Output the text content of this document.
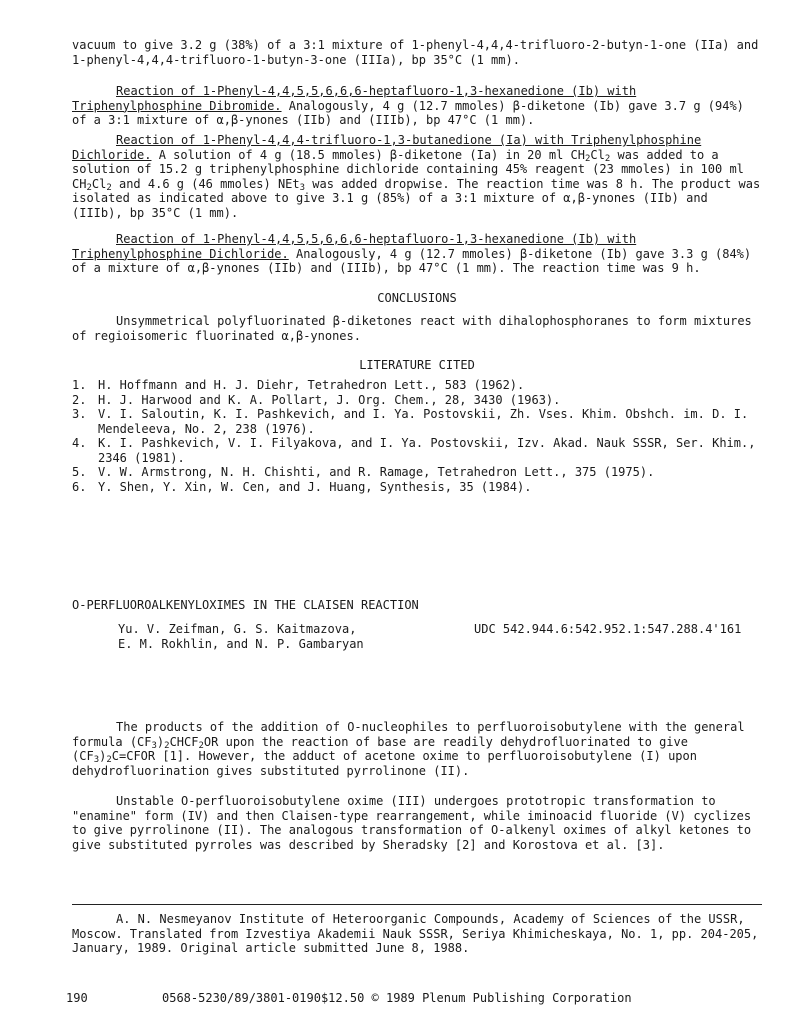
vacuum to give 3.2 g (38%) of a 3:1 mixture of 1-phenyl-4,4,4-trifluoro-2-butyn-1-one (IIa) and 1-phenyl-4,4,4-trifluoro-1-butyn-3-one (IIIa), bp 35°C (1 mm).

Reaction of 1-Phenyl-4,4,5,5,6,6,6-heptafluoro-1,3-hexanedione (Ib) with Triphenylphosphine Dibromide. Analogously, 4 g (12.7 mmoles) β-diketone (Ib) gave 3.7 g (94%) of a 3:1 mixture of α,β-ynones (IIb) and (IIIb), bp 47°C (1 mm).

Reaction of 1-Phenyl-4,4,4-trifluoro-1,3-butanedione (Ia) with Triphenylphosphine Dichloride. A solution of 4 g (18.5 mmoles) β-diketone (Ia) in 20 ml $CH_2Cl_2$ was added to a solution of 15.2 g triphenylphosphine dichloride containing 45% reagent (23 mmoles) in 100 ml $CH_2Cl_2$ and 4.6 g (46 mmoles) NEt$_3$ was added dropwise. The reaction time was 8 h. The product was isolated as indicated above to give 3.1 g (85%) of a 3:1 mixture of α,β-ynones (IIb) and (IIIb), bp 35°C (1 mm).

Reaction of 1-Phenyl-4,4,5,5,6,6,6-heptafluoro-1,3-hexanedione (Ib) with Triphenylphosphine Dichloride. Analogously, 4 g (12.7 mmoles) β-diketone (Ib) gave 3.3 g (84%) of a mixture of α,β-ynones (IIb) and (IIIb), bp 47°C (1 mm). The reaction time was 9 h.

CONCLUSIONS

Unsymmetrical polyfluorinated β-diketones react with dihalophosphoranes to form mixtures of regioisomeric fluorinated α,β-ynones.

LITERATURE CITED

1. H. Hoffmann and H. J. Diehr, Tetrahedron Lett., 583 (1962).
2. H. J. Harwood and K. A. Pollart, J. Org. Chem., 28, 3430 (1963).
3. V. I. Saloutin, K. I. Pashkevich, and I. Ya. Postovskii, Zh. Vses. Khim. Obshch. im. D. I. Mendeleeva, No. 2, 238 (1976).
4. K. I. Pashkevich, V. I. Filyakova, and I. Ya. Postovskii, Izv. Akad. Nauk SSSR, Ser. Khim., 2346 (1981).
5. V. W. Armstrong, N. H. Chishti, and R. Ramage, Tetrahedron Lett., 375 (1975).
6. Y. Shen, Y. Xin, W. Cen, and J. Huang, Synthesis, 35 (1984).

O-PERFLUOROALKENYLOXIMES IN THE CLAISEN REACTION

Yu. V. Zeifman, G. S. Kaitmazova,

E. M. Rokhlin, and N. P. Gambaryan

UDC 542.944.6:542.952.1:547.288.4'161

The products of the addition of O-nucleophiles to perfluoroisobutylene with the general formula $(CF_3)_2CHCF_2OR$ upon the reaction of base are readily dehydrofluorinated to give $(CF_3)_2C=CFOR$ [1]. However, the adduct of acetone oxime to perfluoroisobutylene (I) upon dehydrofluorination gives substituted pyrrolinone (II).

Unstable O-perfluoroisobutylene oxime (III) undergoes prototropic transformation to "enamine" form (IV) and then Claisen-type rearrangement, while iminoacid fluoride (V) cyclizes to give pyrrolinone (II). The analogous transformation of O-alkenyl oximes of alkyl ketones to give substituted pyrroles was described by Sheradsky [2] and Korostova et al. [3].

A. N. Nesmeyanov Institute of Heteroorganic Compounds, Academy of Sciences of the USSR, Moscow. Translated from Izvestiya Akademii Nauk SSSR, Seriya Khimicheskaya, No. 1, pp. 204-205, January, 1989. Original article submitted June 8, 1988.

190	0568-5230/89/3801-0190$12.50 © 1989 Plenum Publishing Corporation
